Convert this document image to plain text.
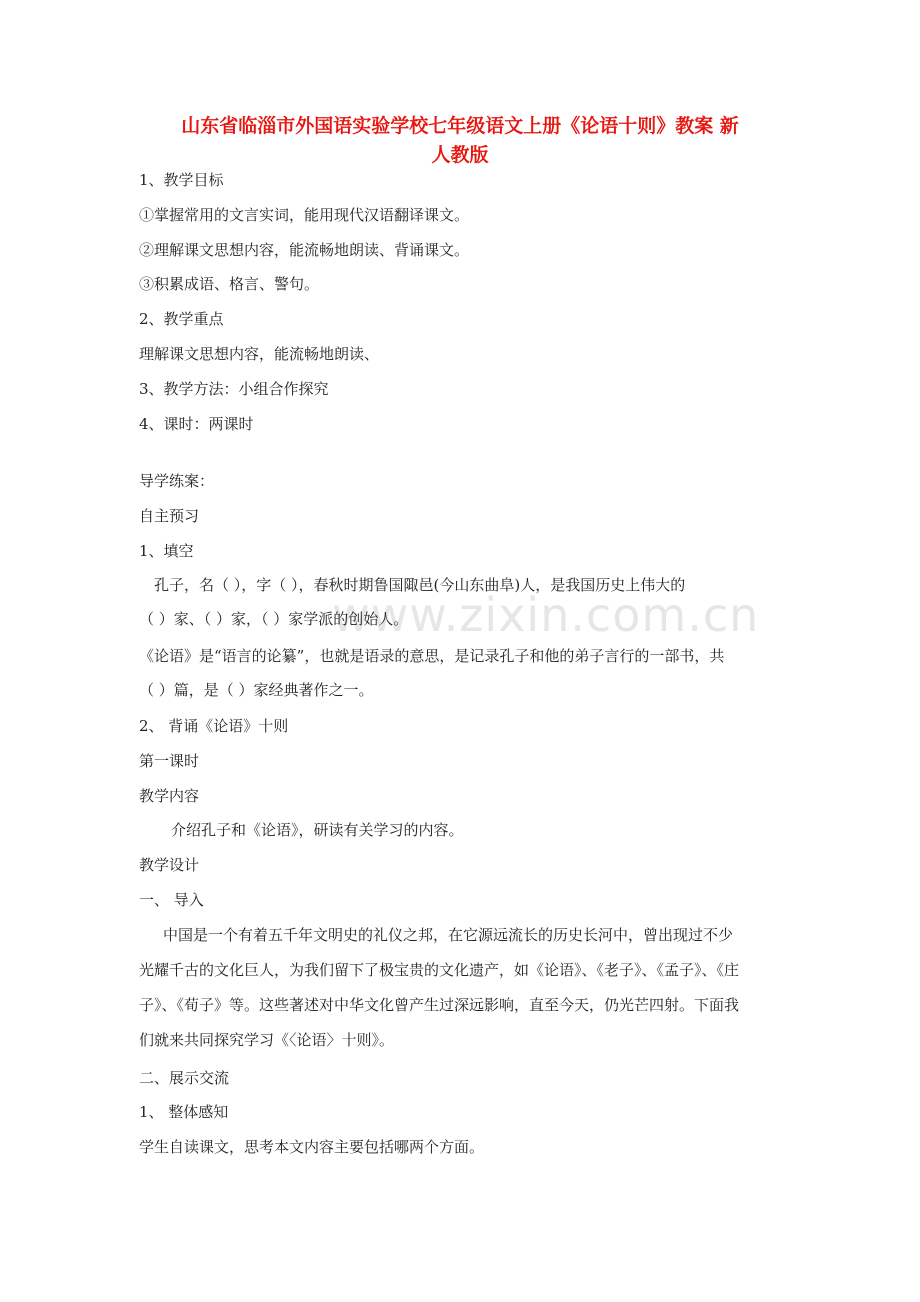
www.zixin.com.cn
山东省临淄市外国语实验学校七年级语文上册《论语十则》教案 新
人教版
1、教学目标
①掌握常用的文言实词，能用现代汉语翻译课文。
②理解课文思想内容，能流畅地朗读、背诵课文。
③积累成语、格言、警句。
2、教学重点
理解课文思想内容，能流畅地朗读、
3、教学方法：小组合作探究
4、课时：两课时
导学练案：
自主预习
1、填空
孔子，名（ ），字（ ），春秋时期鲁国陬邑(今山东曲阜)人，是我国历史上伟大的
（ ）家、（ ）家，（ ）家学派的创始人。
《论语》是“语言的论纂”，也就是语录的意思，是记录孔子和他的弟子言行的一部书，共
（ ）篇，是（ ）家经典著作之一。
2、 背诵《论语》十则
第一课时
教学内容
介绍孔子和《论语》，研读有关学习的内容。
教学设计
一、 导入
中国是一个有着五千年文明史的礼仪之邦，在它源远流长的历史长河中，曾出现过不少
光耀千古的文化巨人，为我们留下了极宝贵的文化遗产，如《论语》、《老子》、《孟子》、《庄
子》、《荀子》等。这些著述对中华文化曾产生过深远影响，直至今天，仍光芒四射。下面我
们就来共同探究学习《〈论语〉十则》。
二、展示交流
1、 整体感知
学生自读课文，思考本文内容主要包括哪两个方面。
